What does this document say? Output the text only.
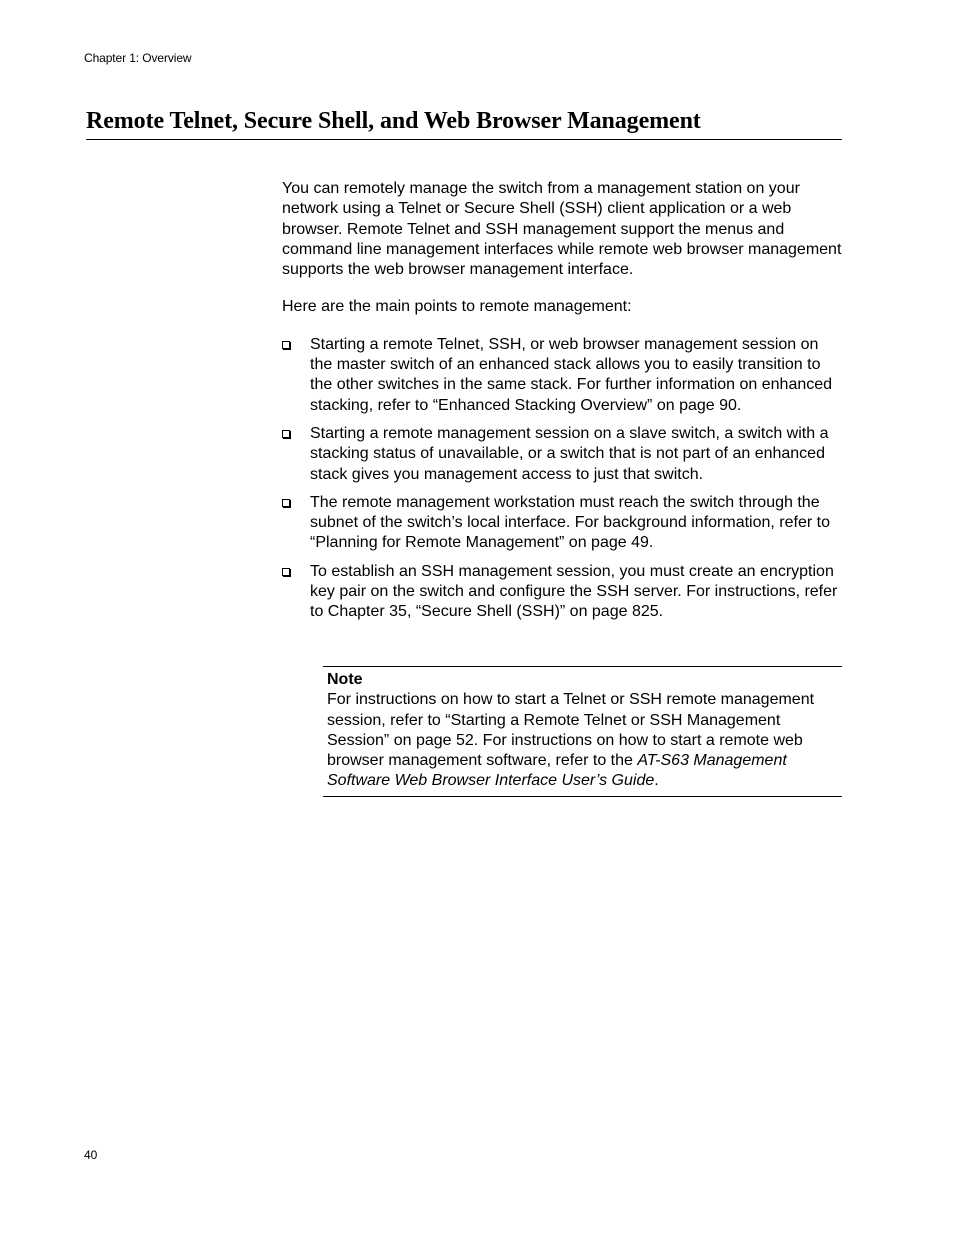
Chapter 1: Overview
Remote Telnet, Secure Shell, and Web Browser Management

You can remotely manage the switch from a management station on your network using a Telnet or Secure Shell (SSH) client application or a web browser. Remote Telnet and SSH management support the menus and command line management interfaces while remote web browser management supports the web browser management interface.

Here are the main points to remote management:

Starting a remote Telnet, SSH, or web browser management session on the master switch of an enhanced stack allows you to easily transition to the other switches in the same stack. For further information on enhanced stacking, refer to “Enhanced Stacking Overview” on page 90.
Starting a remote management session on a slave switch, a switch with a stacking status of unavailable, or a switch that is not part of an enhanced stack gives you management access to just that switch.
The remote management workstation must reach the switch through the subnet of the switch’s local interface. For background information, refer to “Planning for Remote Management” on page 49.
To establish an SSH management session, you must create an encryption key pair on the switch and configure the SSH server. For instructions, refer to Chapter 35, “Secure Shell (SSH)” on page 825.
Note
For instructions on how to start a Telnet or SSH remote management session, refer to “Starting a Remote Telnet or SSH Management Session” on page 52. For instructions on how to start a remote web browser management software, refer to the AT-S63 Management Software Web Browser Interface User’s Guide.
40
